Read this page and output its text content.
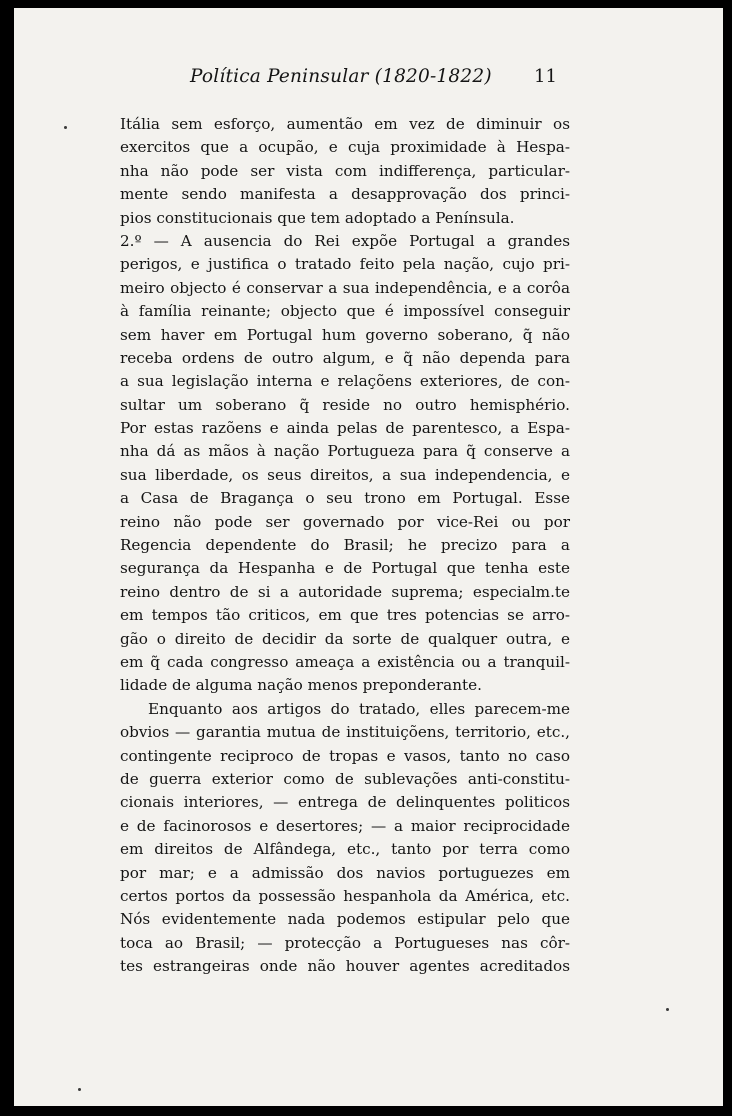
Política Peninsular (1820-1822) 11
Itália sem esforço, aumentão em vez de diminuir os
exercitos que a ocupão, e cuja proximidade à Hespa-
nha não pode ser vista com indifferença, particular-
mente sendo manifesta a desapprovação dos princi-
pios constitucionais que tem adoptado a Península.
2.º — A ausencia do Rei expõe Portugal a grandes
perigos, e justifica o tratado feito pela nação, cujo pri-
meiro objecto é conservar a sua independência, e a corôa
à família reinante; objecto que é impossível conseguir
sem haver em Portugal hum governo soberano, q̃ não
receba ordens de outro algum, e q̃ não dependa para
a sua legislação interna e relaçõens exteriores, de con-
sultar um soberano q̃ reside no outro hemisphério.
Por estas razõens e ainda pelas de parentesco, a Espa-
nha dá as mãos à nação Portugueza para q̃ conserve a
sua liberdade, os seus direitos, a sua independencia, e
a Casa de Bragança o seu trono em Portugal. Esse
reino não pode ser governado por vice-Rei ou por
Regencia dependente do Brasil; he precizo para a
segurança da Hespanha e de Portugal que tenha este
reino dentro de si a autoridade suprema; especialm.te
em tempos tão criticos, em que tres potencias se arro-
gão o direito de decidir da sorte de qualquer outra, e
em q̃ cada congresso ameaça a existência ou a tranquil-
lidade de alguma nação menos preponderante.
Enquanto aos artigos do tratado, elles parecem-me
obvios — garantia mutua de instituiçõens, territorio, etc.,
contingente reciproco de tropas e vasos, tanto no caso
de guerra exterior como de sublevações anti-constitu-
cionais interiores, — entrega de delinquentes politicos
e de facinorosos e desertores; — a maior reciprocidade
em direitos de Alfândega, etc., tanto por terra como
por mar; e a admissão dos navios portuguezes em
certos portos da possessão hespanhola da América, etc.
Nós evidentemente nada podemos estipular pelo que
toca ao Brasil; — protecção a Portugueses nas côr-
tes estrangeiras onde não houver agentes acreditados
